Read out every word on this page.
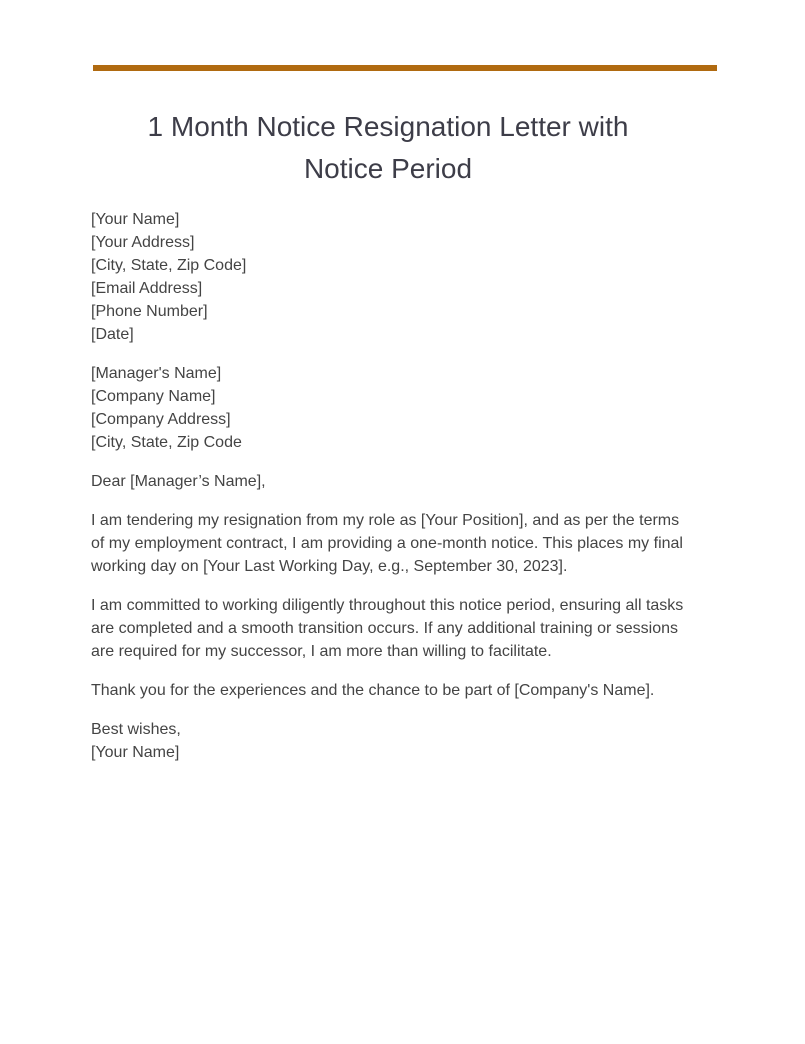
1 Month Notice Resignation Letter with
Notice Period
[Your Name]
[Your Address]
[City, State, Zip Code]
[Email Address]
[Phone Number]
[Date]
[Manager's Name]
[Company Name]
[Company Address]
[City, State, Zip Code

Dear [Manager’s Name],

I am tendering my resignation from my role as [Your Position], and as per the terms of my employment contract, I am providing a one-month notice. This places my final working day on [Your Last Working Day, e.g., September 30, 2023].

I am committed to working diligently throughout this notice period, ensuring all tasks are completed and a smooth transition occurs. If any additional training or sessions are required for my successor, I am more than willing to facilitate.

Thank you for the experiences and the chance to be part of [Company's Name].

Best wishes,
[Your Name]
